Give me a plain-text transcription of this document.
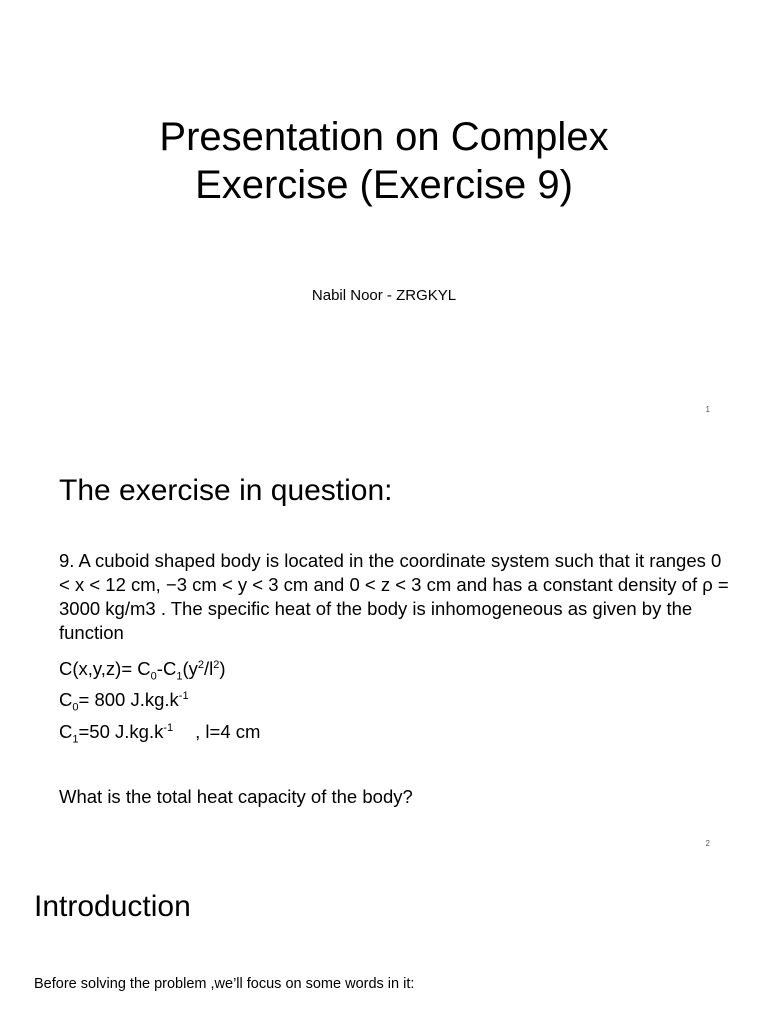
Presentation on Complex
Exercise (Exercise 9)

Nabil Noor - ZRGKYL

1
2
The exercise in question:

9. A cuboid shaped body is located in the coordinate system such that it ranges 0 < x < 12 cm, −3 cm < y < 3 cm and 0 < z < 3 cm and has a constant density of ρ = 3000 kg/m3 . The specific heat of the body is inhomogeneous as given by the function

$C(x,y,z)= C_0-C_1(y^2/l^2)$

$C_0= 800$ $J.kg.k^{-1}$

$C_1=50$ $J.kg.k^{-1}$ , l=4 cm

What is the total heat capacity of the body?

Introduction

Before solving the problem ,we’ll focus on some words in it:
